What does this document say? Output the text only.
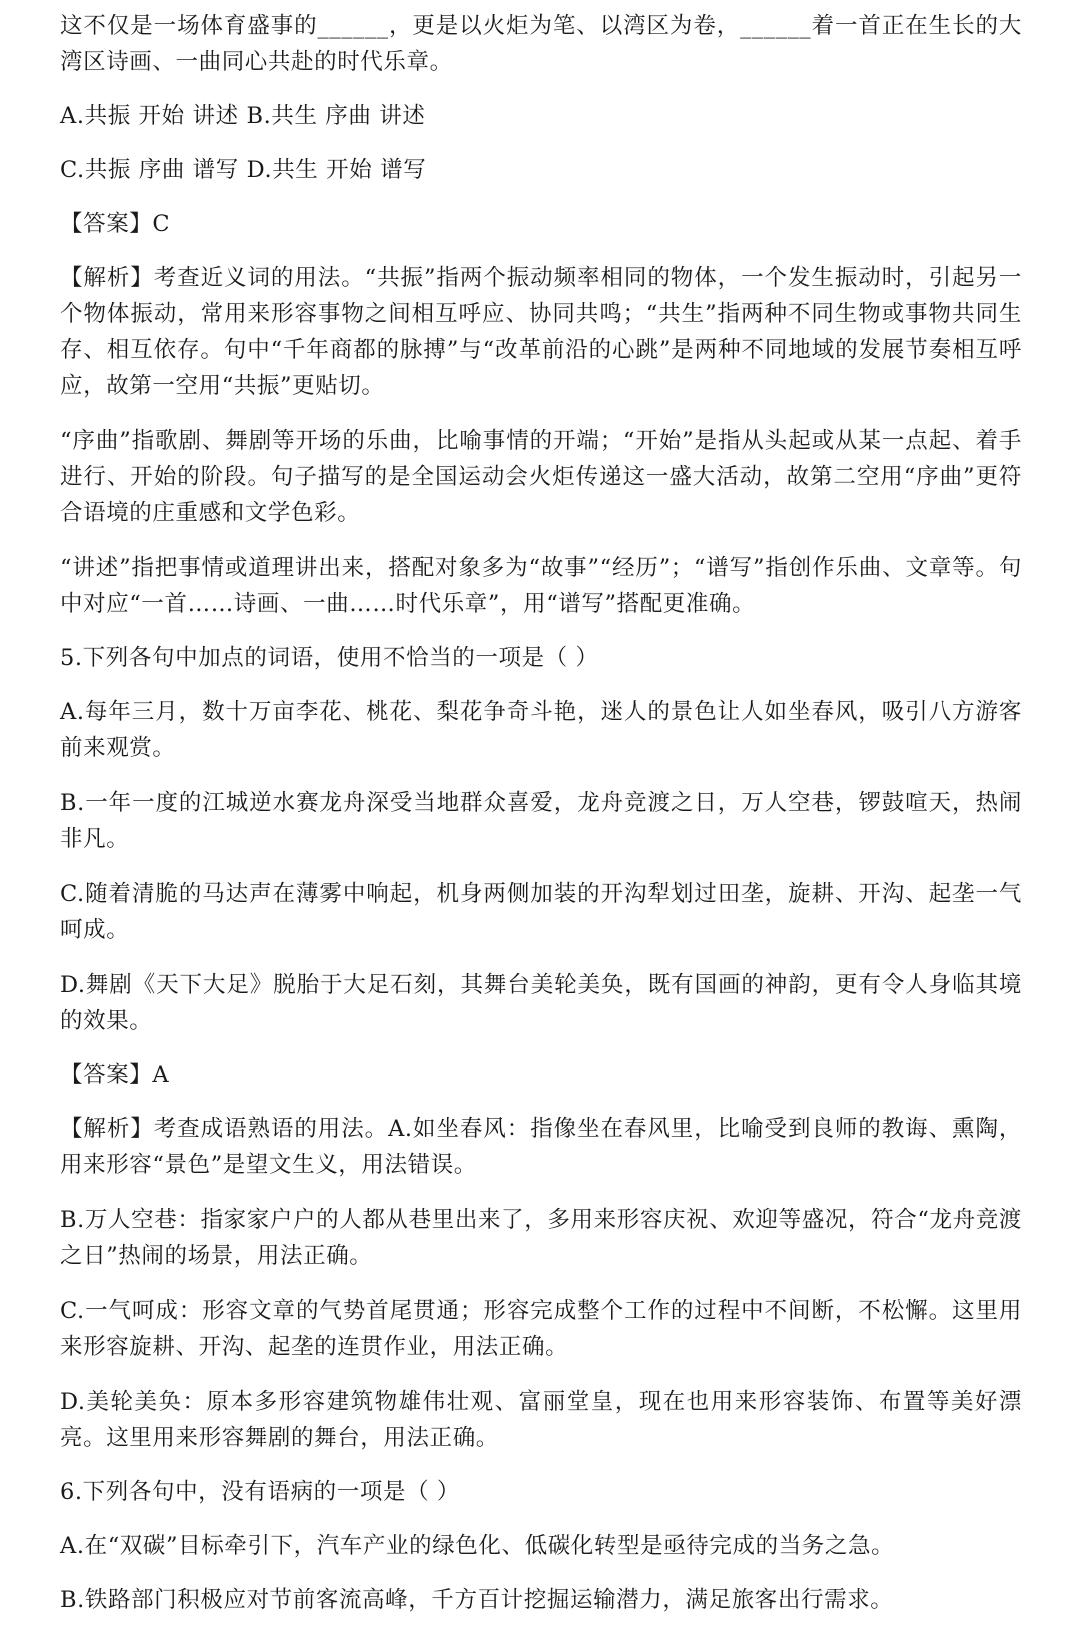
这不仅是一场体育盛事的______，更是以火炬为笔、以湾区为卷，______着一首正在生长的大湾区诗画、一曲同心共赴的时代乐章。

A.共振 开始 讲述 B.共生 序曲 讲述

C.共振 序曲 谱写 D.共生 开始 谱写

【答案】C

【解析】考查近义词的用法。“共振”指两个振动频率相同的物体，一个发生振动时，引起另一个物体振动，常用来形容事物之间相互呼应、协同共鸣；“共生”指两种不同生物或事物共同生存、相互依存。句中“千年商都的脉搏”与“改革前沿的心跳”是两种不同地域的发展节奏相互呼应，故第一空用“共振”更贴切。

“序曲”指歌剧、舞剧等开场的乐曲，比喻事情的开端；“开始”是指从头起或从某一点起、着手进行、开始的阶段。句子描写的是全国运动会火炬传递这一盛大活动，故第二空用“序曲”更符合语境的庄重感和文学色彩。

“讲述”指把事情或道理讲出来，搭配对象多为“故事”“经历”；“谱写”指创作乐曲、文章等。句中对应“一首……诗画、一曲……时代乐章”，用“谱写”搭配更准确。

5.下列各句中加点的词语，使用不恰当的一项是（ ）

A.每年三月，数十万亩李花、桃花、梨花争奇斗艳，迷人的景色让人如坐春风，吸引八方游客前来观赏。

B.一年一度的江城逆水赛龙舟深受当地群众喜爱，龙舟竞渡之日，万人空巷，锣鼓喧天，热闹非凡。

C.随着清脆的马达声在薄雾中响起，机身两侧加装的开沟犁划过田垄，旋耕、开沟、起垄一气呵成。

D.舞剧《天下大足》脱胎于大足石刻，其舞台美轮美奂，既有国画的神韵，更有令人身临其境的效果。

【答案】A

【解析】考查成语熟语的用法。A.如坐春风：指像坐在春风里，比喻受到良师的教诲、熏陶，用来形容“景色”是望文生义，用法错误。

B.万人空巷：指家家户户的人都从巷里出来了，多用来形容庆祝、欢迎等盛况，符合“龙舟竞渡之日”热闹的场景，用法正确。

C.一气呵成：形容文章的气势首尾贯通；形容完成整个工作的过程中不间断，不松懈。这里用来形容旋耕、开沟、起垄的连贯作业，用法正确。

D.美轮美奂：原本多形容建筑物雄伟壮观、富丽堂皇，现在也用来形容装饰、布置等美好漂亮。这里用来形容舞剧的舞台，用法正确。

6.下列各句中，没有语病的一项是（ ）

A.在“双碳”目标牵引下，汽车产业的绿色化、低碳化转型是亟待完成的当务之急。

B.铁路部门积极应对节前客流高峰，千方百计挖掘运输潜力，满足旅客出行需求。
